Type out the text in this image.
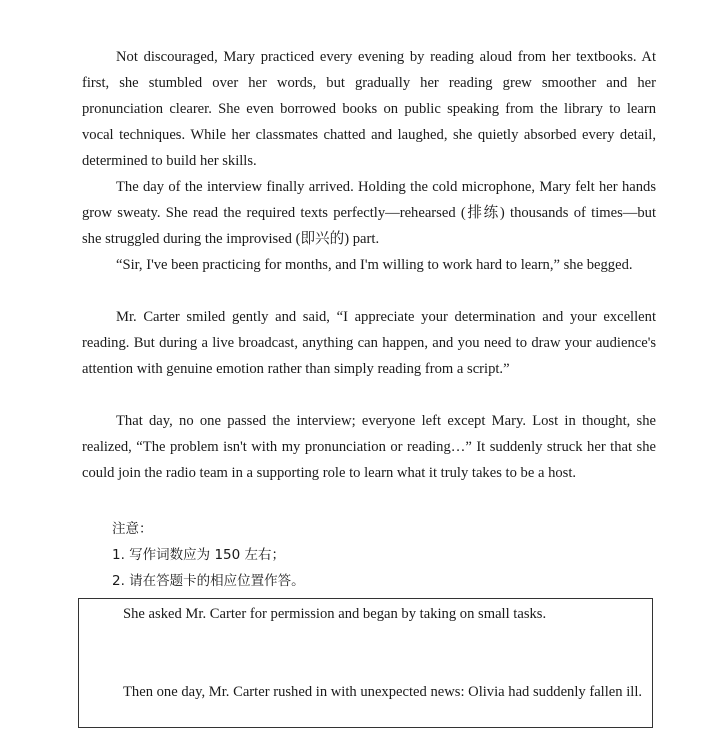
Not discouraged, Mary practiced every evening by reading aloud from her textbooks. At first, she stumbled over her words, but gradually her reading grew smoother and her pronunciation clearer. She even borrowed books on public speaking from the library to learn vocal techniques. While her classmates chatted and laughed, she quietly absorbed every detail, determined to build her skills.
The day of the interview finally arrived. Holding the cold microphone, Mary felt her hands grow sweaty. She read the required texts perfectly—rehearsed (排练) thousands of times—but she struggled during the improvised (即兴的) part.
“Sir, I've been practicing for months, and I'm willing to work hard to learn,” she begged.
Mr. Carter smiled gently and said, “I appreciate your determination and your excellent reading. But during a live broadcast, anything can happen, and you need to draw your audience's attention with genuine emotion rather than simply reading from a script.”
That day, no one passed the interview; everyone left except Mary. Lost in thought, she realized, “The problem isn't with my pronunciation or reading…” It suddenly struck her that she could join the radio team in a supporting role to learn what it truly takes to be a host.
注意：
1. 写作词数应为 150 左右；
2. 请在答题卡的相应位置作答。
She asked Mr. Carter for permission and began by taking on small tasks.
Then one day, Mr. Carter rushed in with unexpected news: Olivia had suddenly fallen ill.
